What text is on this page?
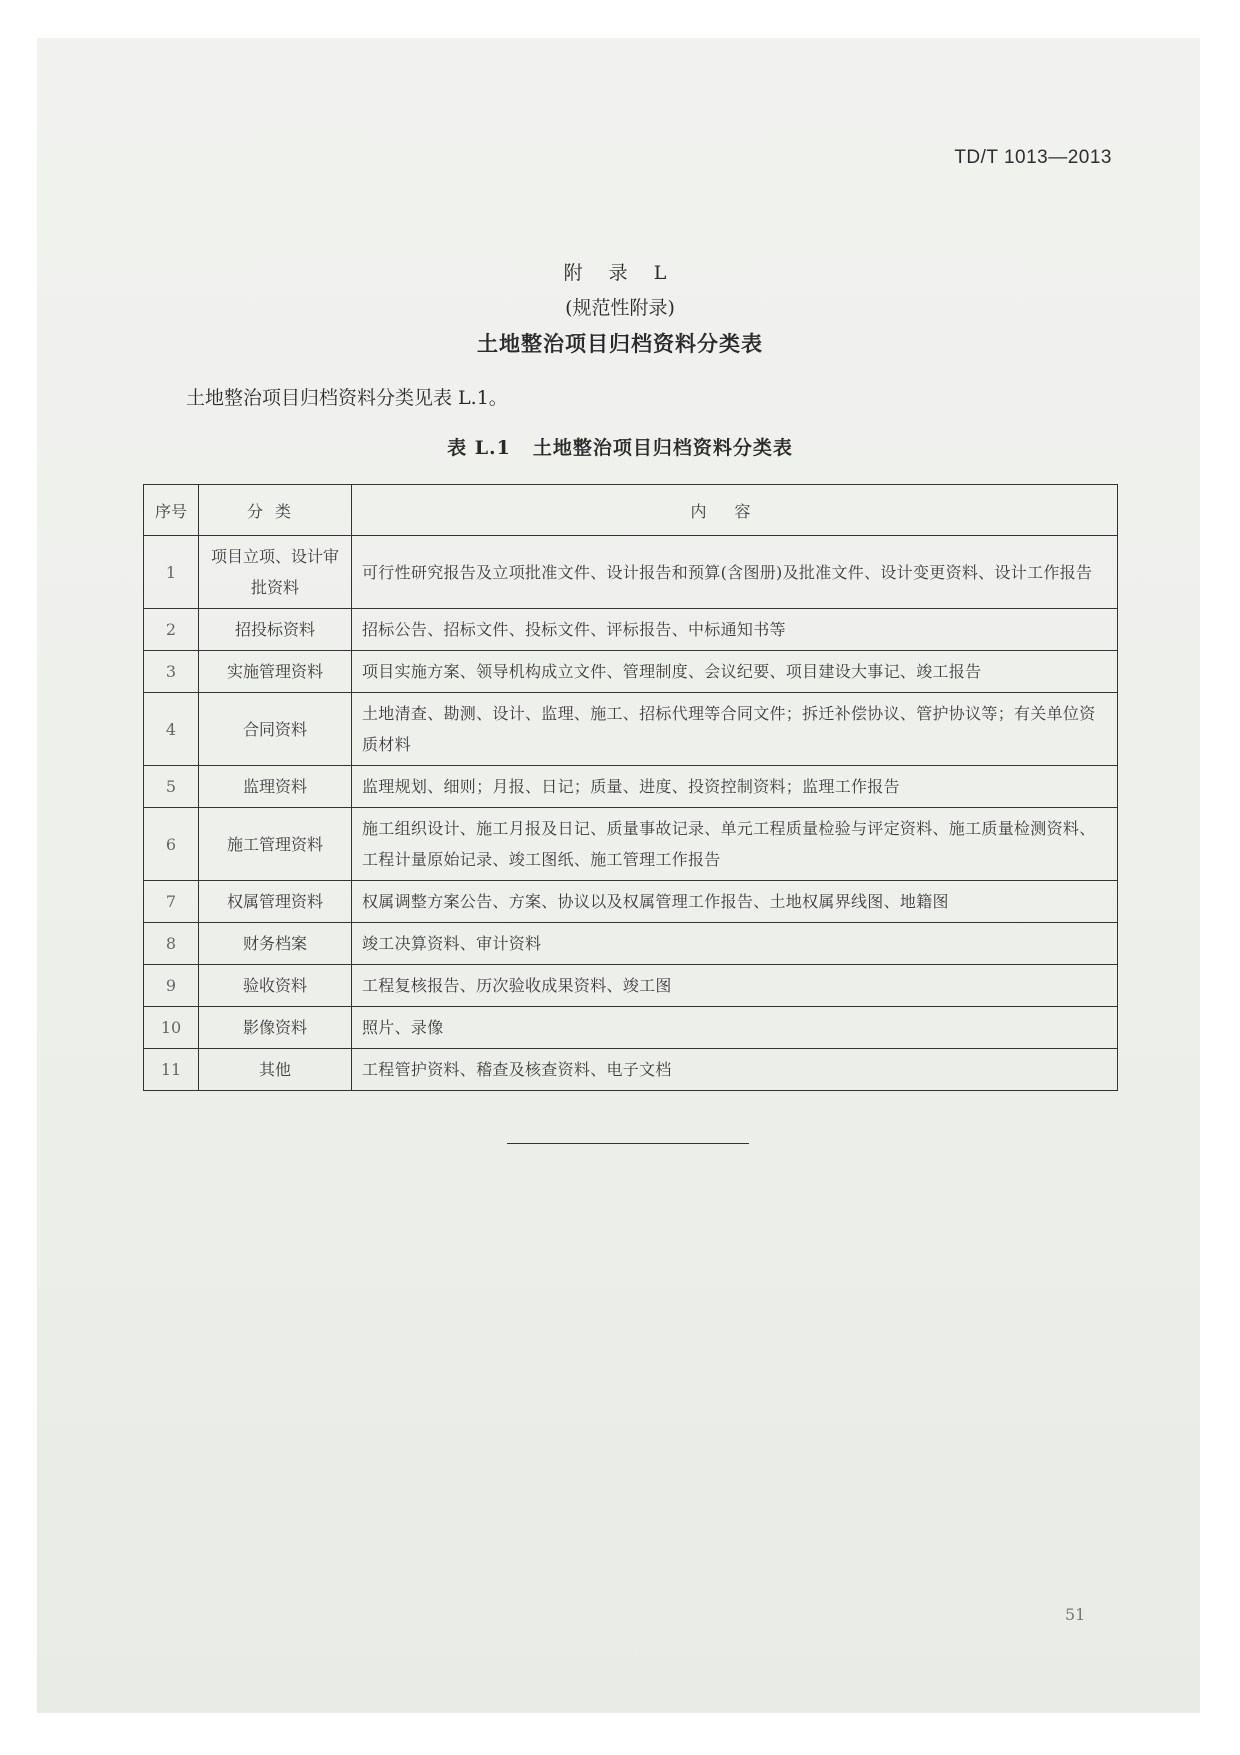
TD/T 1013—2013
附 录 L
(规范性附录)
土地整治项目归档资料分类表
土地整治项目归档资料分类见表 L.1。
表 L.1 土地整治项目归档资料分类表
序号	分类	内容
1	项目立项、设计审批资料	可行性研究报告及立项批准文件、设计报告和预算(含图册)及批准文件、设计变更资料、设计工作报告
2	招投标资料	招标公告、招标文件、投标文件、评标报告、中标通知书等
3	实施管理资料	项目实施方案、领导机构成立文件、管理制度、会议纪要、项目建设大事记、竣工报告
4	合同资料	土地清查、勘测、设计、监理、施工、招标代理等合同文件；拆迁补偿协议、管护协议等；有关单位资质材料
5	监理资料	监理规划、细则；月报、日记；质量、进度、投资控制资料；监理工作报告
6	施工管理资料	施工组织设计、施工月报及日记、质量事故记录、单元工程质量检验与评定资料、施工质量检测资料、工程计量原始记录、竣工图纸、施工管理工作报告
7	权属管理资料	权属调整方案公告、方案、协议以及权属管理工作报告、土地权属界线图、地籍图
8	财务档案	竣工决算资料、审计资料
9	验收资料	工程复核报告、历次验收成果资料、竣工图
10	影像资料	照片、录像
11	其他	工程管护资料、稽查及核查资料、电子文档
51
